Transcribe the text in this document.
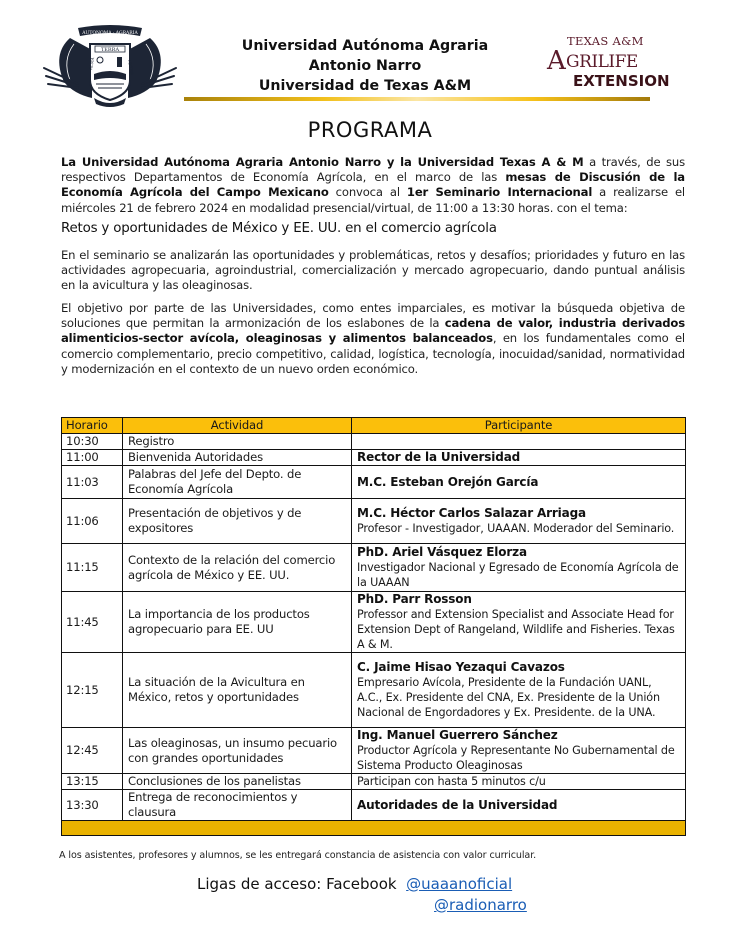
AUTONOMA · AGRARIA
TERRA
ALMA	MATER
TEXAS A&M
A GRILIFE
EXTENSION
Universidad Autónoma Agraria
Antonio Narro
Universidad de Texas A&M
PROGRAMA
La Universidad Autónoma Agraria Antonio Narro y la Universidad Texas A & M a través, de sus respectivos Departamentos de Economía Agrícola, en el marco de las mesas de Discusión de la Economía Agrícola del Campo Mexicano convoca al 1er Seminario Internacional a realizarse el miércoles 21 de febrero 2024 en modalidad presencial/virtual, de 11:00 a 13:30 horas. con el tema:
Retos y oportunidades de México y EE. UU. en el comercio agrícola
En el seminario se analizarán las oportunidades y problemáticas, retos y desafíos; prioridades y futuro en las actividades agropecuaria, agroindustrial, comercialización y mercado agropecuario, dando puntual análisis en la avicultura y las oleaginosas.
El objetivo por parte de las Universidades, como entes imparciales, es motivar la búsqueda objetiva de soluciones que permitan la armonización de los eslabones de la cadena de valor, industria derivados alimenticios-sector avícola, oleaginosas y alimentos balanceados, en los fundamentales como el comercio complementario, precio competitivo, calidad, logística, tecnología, inocuidad/sanidad, normatividad y modernización en el contexto de un nuevo orden económico.
Horario	Actividad	Participante
10:30	Registro	
11:00	Bienvenida Autoridades	Rector de la Universidad

11:03	Palabras del Jefe del Depto. de Economía Agrícola	M.C. Esteban Orejón García

11:06	Presentación de objetivos y de expositores	M.C. Héctor Carlos Salazar Arriaga
Profesor - Investigador, UAAAN. Moderador del Seminario.

11:15	Contexto de la relación del comercio agrícola de México y EE. UU.	PhD. Ariel Vásquez Elorza
Investigador Nacional y Egresado de Economía Agrícola de la UAAAN

11:45	La importancia de los productos agropecuario para EE. UU	PhD. Parr Rosson
Professor and Extension Specialist and Associate Head for Extension Dept of Rangeland, Wildlife and Fisheries. Texas A & M.

12:15	La situación de la Avicultura en México, retos y oportunidades	C. Jaime Hisao Yezaqui Cavazos
Empresario Avícola, Presidente de la Fundación UANL, A.C., Ex. Presidente del CNA, Ex. Presidente de la Unión Nacional de Engordadores y Ex. Presidente. de la UNA.

12:45	Las oleaginosas, un insumo pecuario con grandes oportunidades	Ing. Manuel Guerrero Sánchez
Productor Agrícola y Representante No Gubernamental de Sistema Producto Oleaginosas

13:15	Conclusiones de los panelistas	Participan con hasta 5 minutos c/u

13:30	Entrega de reconocimientos y clausura	Autoridades de la Universidad

A los asistentes, profesores y alumnos, se les entregará constancia de asistencia con valor curricular.
Ligas de acceso: Facebook @uaaanoficial
@radionarro
